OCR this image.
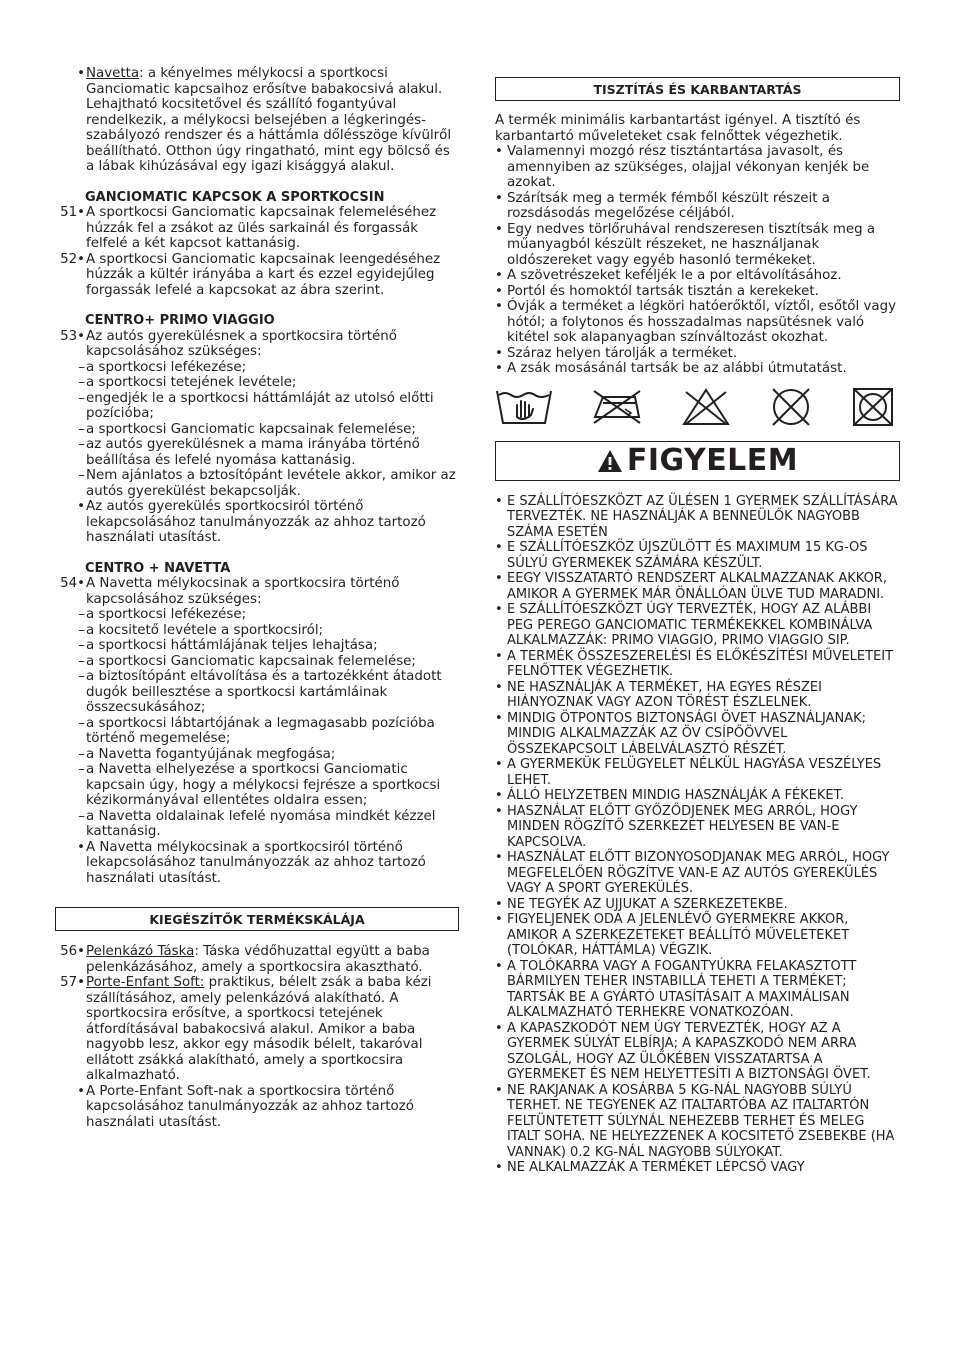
• Navetta: a kényelmes mélykocsi a sportkocsi Ganciomatic kapcsaihoz erősítve babakocsivá alakul. Lehajtható kocsitetővel és szállító fogantyúval rendelkezik, a mélykocsi belsejében a légkeringés-szabályozó rendszer és a háttámla dőlésszöge kívülről beállítható. Otthon úgy ringatható, mint egy bölcső és a lábak kihúzásával egy igazi kisággyá alakul.
GANCIOMATIC KAPCSOK A SPORTKOCSIN
51• A sportkocsi Ganciomatic kapcsainak felemeléséhez húzzák fel a zsákot az ülés sarkainál és forgassák felfelé a két kapcsot kattanásig.
52• A sportkocsi Ganciomatic kapcsainak leengedéséhez húzzák a kültér irányába a kart és ezzel egyidejűleg forgassák lefelé a kapcsokat az ábra szerint.
CENTRO+ PRIMO VIAGGIO
53• Az autós gyerekülésnek a sportkocsira történő kapcsolásához szükséges:
– a sportkocsi lefékezése;
– a sportkocsi tetejének levétele;
– engedjék le a sportkocsi háttámláját az utolsó előtti pozícióba;
– a sportkocsi Ganciomatic kapcsainak felemelése;
– az autós gyerekülésnek a mama irányába történő beállítása és lefelé nyomása kattanásig.
– Nem ajánlatos a bztosítópánt levétele akkor, amikor az autós gyerekülést bekapcsolják.
• Az autós gyerekülés sportkocsiról történő lekapcsolásához tanulmányozzák az ahhoz tartozó használati utasítást.
CENTRO + NAVETTA
54• A Navetta mélykocsinak a sportkocsira történő kapcsolásához szükséges:
– a sportkocsi lefékezése;
– a kocsitető levétele a sportkocsiról;
– a sportkocsi háttámlájának teljes lehajtása;
– a sportkocsi Ganciomatic kapcsainak felemelése;
– a biztosítópánt eltávolítása és a tartozékként átadott dugók beillesztése a sportkocsi kartámláinak összecsukásához;
– a sportkocsi lábtartójának a legmagasabb pozícióba történő megemelése;
– a Navetta fogantyújának megfogása;
– a Navetta elhelyezése a sportkocsi Ganciomatic kapcsain úgy, hogy a mélykocsi fejrésze a sportkocsi kézikormányával ellentétes oldalra essen;
– a Navetta oldalainak lefelé nyomása mindkét kézzel kattanásig.
• A Navetta mélykocsinak a sportkocsiról történő lekapcsolásához tanulmányozzák az ahhoz tartozó használati utasítást.
KIEGÉSZÍTŐK TERMÉKSKÁLÁJA
56• Pelenkázó Táska: Táska védőhuzattal együtt a baba pelenkázásához, amely a sportkocsira akasztható.
57• Porte-Enfant Soft: praktikus, bélelt zsák a baba kézi szállításához, amely pelenkázóvá alakítható. A sportkocsira erősítve, a sportkocsi tetejének átfordításával babakocsivá alakul. Amikor a baba nagyobb lesz, akkor egy második bélelt, takaróval ellátott zsákká alakítható, amely a sportkocsira alkalmazható.
• A Porte-Enfant Soft-nak a sportkocsira történő kapcsolásához tanulmányozzák az ahhoz tartozó használati utasítást.
TISZTÍTÁS ÉS KARBANTARTÁS
A termék minimális karbantartást igényel. A tisztító és karbantartó műveleteket csak felnőttek végezhetik.
• Valamennyi mozgó rész tisztántartása javasolt, és amennyiben az szükséges, olajjal vékonyan kenjék be azokat.
• Szárítsák meg a termék fémből készült részeit a rozsdásodás megelőzése céljából.
• Egy nedves törlőruhával rendszeresen tisztítsák meg a műanyagból készült részeket, ne használjanak oldószereket vagy egyéb hasonló termékeket.
• A szövetrészeket keféljék le a por eltávolításához.
• Portól és homoktól tartsák tisztán a kerekeket.
• Óvják a terméket a légköri hatóerőktől, víztől, esőtől vagy hótól; a folytonos és hosszadalmas napsütésnek való kitétel sok alapanyagban színváltozást okozhat.
• Száraz helyen tárolják a terméket.
• A zsák mosásánál tartsák be az alábbi útmutatást.
FIGYELEM
• E SZÁLLÍTÓESZKÖZT AZ ÜLÉSEN 1 GYERMEK SZÁLLÍTÁSÁRA TERVEZTÉK. NE HASZNÁLJÁK A BENNEÜLŐK NAGYOBB SZÁMA ESETÉN
• E SZÁLLÍTÓESZKÖZ ÚJSZÜLÖTT ÉS MAXIMUM 15 KG-OS SÚLYÚ GYERMEKEK SZÁMÁRA KÉSZÜLT.
• EEGY VISSZATARTÓ RENDSZERT ALKALMAZZANAK AKKOR, AMIKOR A GYERMEK MÁR ÖNÁLLÓAN ÜLVE TUD MARADNI.
• E SZÁLLÍTÓESZKÖZT ÚGY TERVEZTÉK, HOGY AZ ALÁBBI PEG PEREGO GANCIOMATIC TERMÉKEKKEL KOMBINÁLVA ALKALMAZZÁK: PRIMO VIAGGIO, PRIMO VIAGGIO SIP.
• A TERMÉK ÖSSZESZERELÉSI ÉS ELŐKÉSZÍTÉSI MŰVELETEIT FELNŐTTEK VÉGEZHETIK.
• NE HASZNÁLJÁK A TERMÉKET, HA EGYES RÉSZEI HIÁNYOZNAK VAGY AZON TÖRÉST ÉSZLELNEK.
• MINDIG ÖTPONTOS BIZTONSÁGI ÖVET HASZNÁLJANAK; MINDIG ALKALMAZZÁK AZ ÖV CSÍPŐÖVVEL ÖSSZEKAPCSOLT LÁBELVÁLASZTÓ RÉSZÉT.
• A GYERMEKÜK FELÜGYELET NÉLKÜL HAGYÁSA VESZÉLYES LEHET.
• ÁLLÓ HELYZETBEN MINDIG HASZNÁLJÁK A FÉKEKET.
• HASZNÁLAT ELŐTT GYŐZŐDJENEK MEG ARRÓL, HOGY MINDEN RÖGZÍTŐ SZERKEZET HELYESEN BE VAN-E KAPCSOLVA.
• HASZNÁLAT ELŐTT BIZONYOSODJANAK MEG ARRÓL, HOGY MEGFELELŐEN RÖGZÍTVE VAN-E AZ AUTÓS GYEREKÜLÉS VAGY A SPORT GYEREKÜLÉS.
• NE TEGYÉK AZ UJJUKAT A SZERKEZETEKBE.
• FIGYELJENEK ODA A JELENLÉVŐ GYERMEKRE AKKOR, AMIKOR A SZERKEZETEKET BEÁLLÍTÓ MŰVELETEKET (TOLÓKAR, HÁTTÁMLA) VÉGZIK.
• A TOLÓKARRA VAGY A FOGANTYÚKRA FELAKASZTOTT BÁRMILYEN TEHER INSTABILLÁ TEHETI A TERMÉKET; TARTSÁK BE A GYÁRTÓ UTASÍTÁSAIT A MAXIMÁLISAN ALKALMAZHATÓ TERHEKRE VONATKOZÓAN.
• A KAPASZKODÓT NEM ÚGY TERVEZTÉK, HOGY AZ A GYERMEK SÚLYÁT ELBÍRJA; A KAPASZKODÓ NEM ARRA SZOLGÁL, HOGY AZ ÜLŐKÉBEN VISSZATARTSA A GYERMEKET ÉS NEM HELYETTESÍTI A BIZTONSÁGI ÖVET.
• NE RAKJANAK A KOSÁRBA 5 KG-NÁL NAGYOBB SÚLYÚ TERHET. NE TEGYENEK AZ ITALTARTÓBA AZ ITALTARTÓN FELTÜNTETETT SÚLYNÁL NEHEZEBB TERHET ÉS MELEG ITALT SOHA. NE HELYEZZENEK A KOCSITETŐ ZSEBEKBE (HA VANNAK) 0.2 KG-NÁL NAGYOBB SÚLYOKAT.
• NE ALKALMAZZÁK A TERMÉKET LÉPCSŐ VAGY
